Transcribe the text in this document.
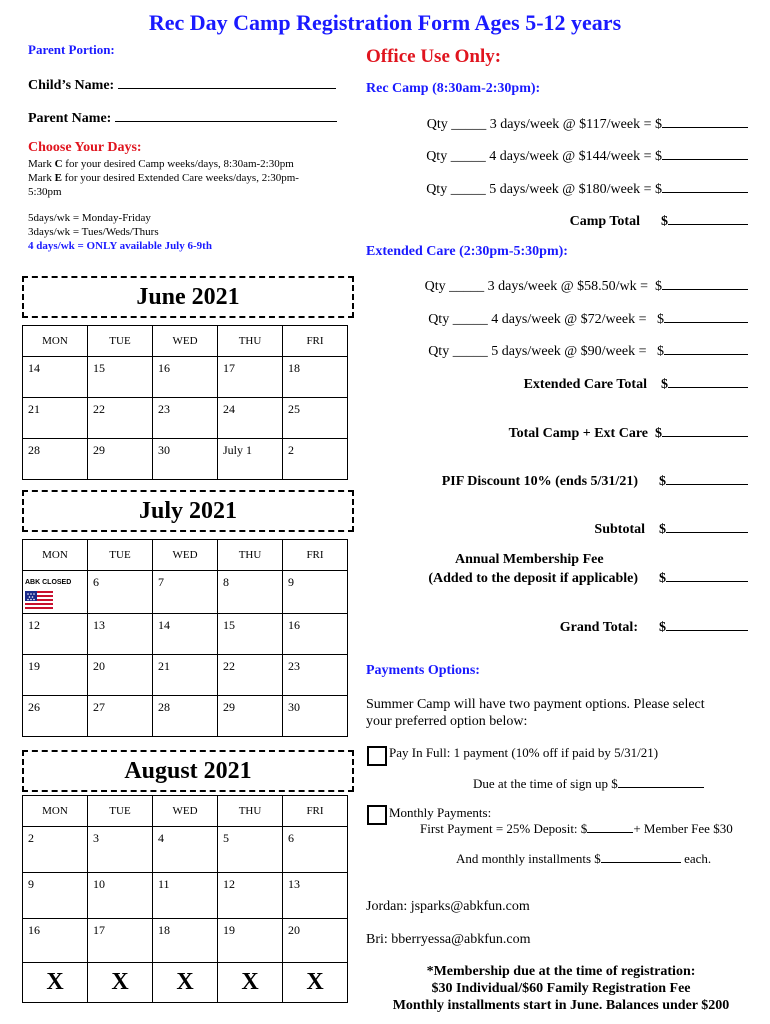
Rec Day Camp Registration Form Ages 5-12 years
Parent Portion:
Child’s Name:
Parent Name:
Choose Your Days:
Mark C for your desired Camp weeks/days, 8:30am-2:30pm
Mark E for your desired Extended Care weeks/days, 2:30pm-
5:30pm
5days/wk = Monday-Friday
3days/wk = Tues/Weds/Thurs
4 days/wk = ONLY available July 6-9th
June 2021
MON	TUE	WED	THU	FRI
14	15	16	17	18
21	22	23	24	25
28	29	30	July 1	2
July 2021
MON	TUE	WED	THU	FRI
ABK CLOSED	6	7	8	9
12	13	14	15	16
19	20	21	22	23
26	27	28	29	30
August 2021
MON	TUE	WED	THU	FRI
2	3	4	5	6
9	10	11	12	13
16	17	18	19	20
X	X	X	X	X
Office Use Only:
Rec Camp (8:30am-2:30pm):
Qty _____ 3 days/week @ $117/week = $
Qty _____ 4 days/week @ $144/week = $
Qty _____ 5 days/week @ $180/week = $
Camp Total      $
Extended Care (2:30pm-5:30pm):
Qty _____ 3 days/week @ $58.50/wk =  $
Qty _____ 4 days/week @ $72/week =   $
Qty _____ 5 days/week @ $90/week =   $
Extended Care Total    $
Total Camp + Ext Care  $
PIF Discount 10% (ends 5/31/21)      $
Subtotal    $
Annual Membership Fee
(Added to the deposit if applicable)      $
Grand Total:      $
Payments Options:
Summer Camp will have two payment options. Please select
your preferred option below:
Pay In Full: 1 payment (10% off if paid by 5/31/21)
Due at the time of sign up $
Monthly Payments:
First Payment = 25% Deposit: $	+ Member Fee $30
And monthly installments $	each.
Jordan: jsparks@abkfun.com
Bri: bberryessa@abkfun.com
*Membership due at the time of registration:
$30 Individual/$60 Family Registration Fee
Monthly installments start in June. Balances under $200
